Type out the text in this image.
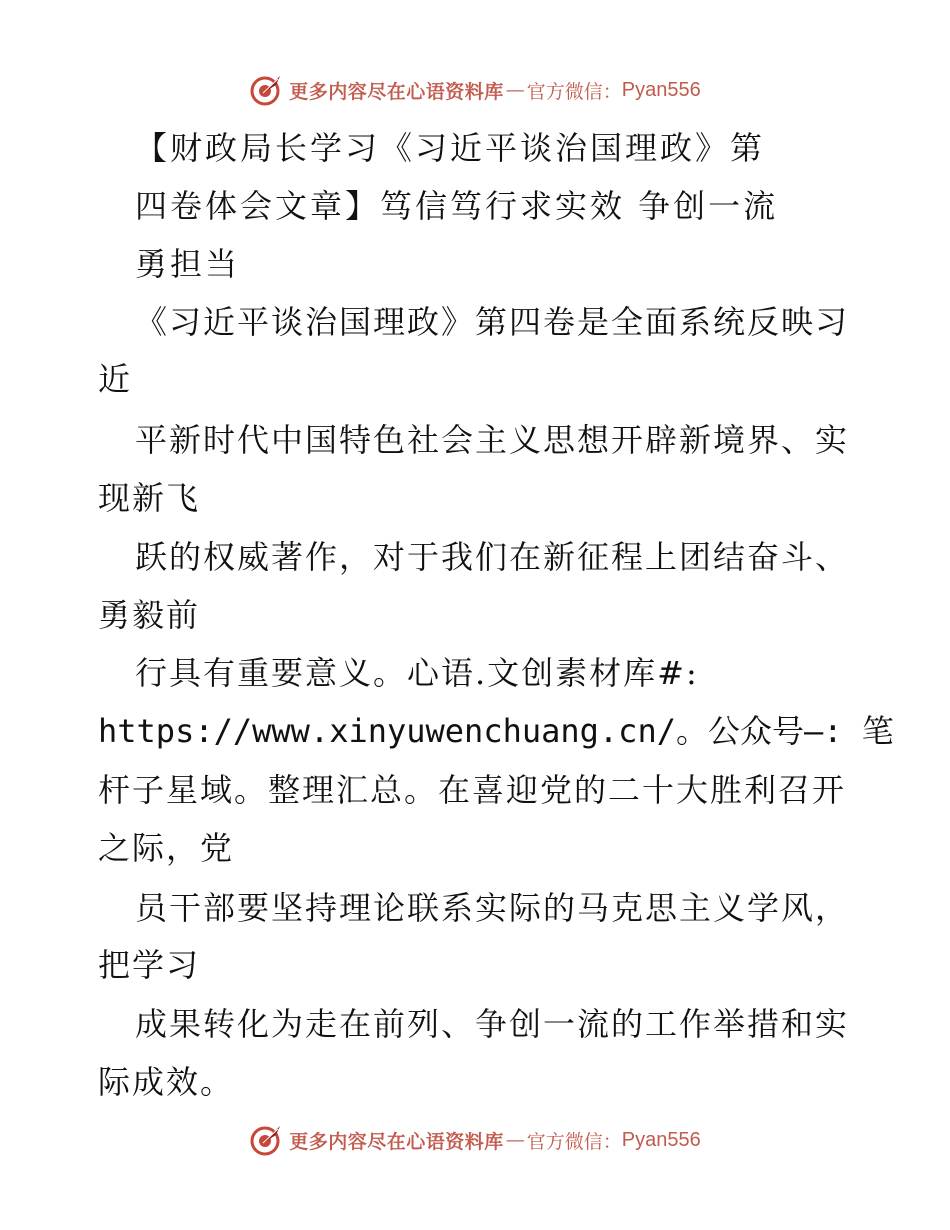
更多内容尽在心语资料库 — 官方微信： Pyan556
【财政局长学习《习近平谈治国理政》第
四卷体会文章】笃信笃行求实效 争创一流
勇担当
《习近平谈治国理政》第四卷是全面系统反映习
近
平新时代中国特色社会主义思想开辟新境界、实
现新飞
跃的权威著作，对于我们在新征程上团结奋斗、
勇毅前
行具有重要意义。心语.文创素材库#:
https://www.xinyuwenchuang.cn/。公众号—: 笔
杆子星域。整理汇总。在喜迎党的二十大胜利召开
之际，党
员干部要坚持理论联系实际的马克思主义学风，
把学习
成果转化为走在前列、争创一流的工作举措和实
际成效。
更多内容尽在心语资料库 — 官方微信： Pyan556
